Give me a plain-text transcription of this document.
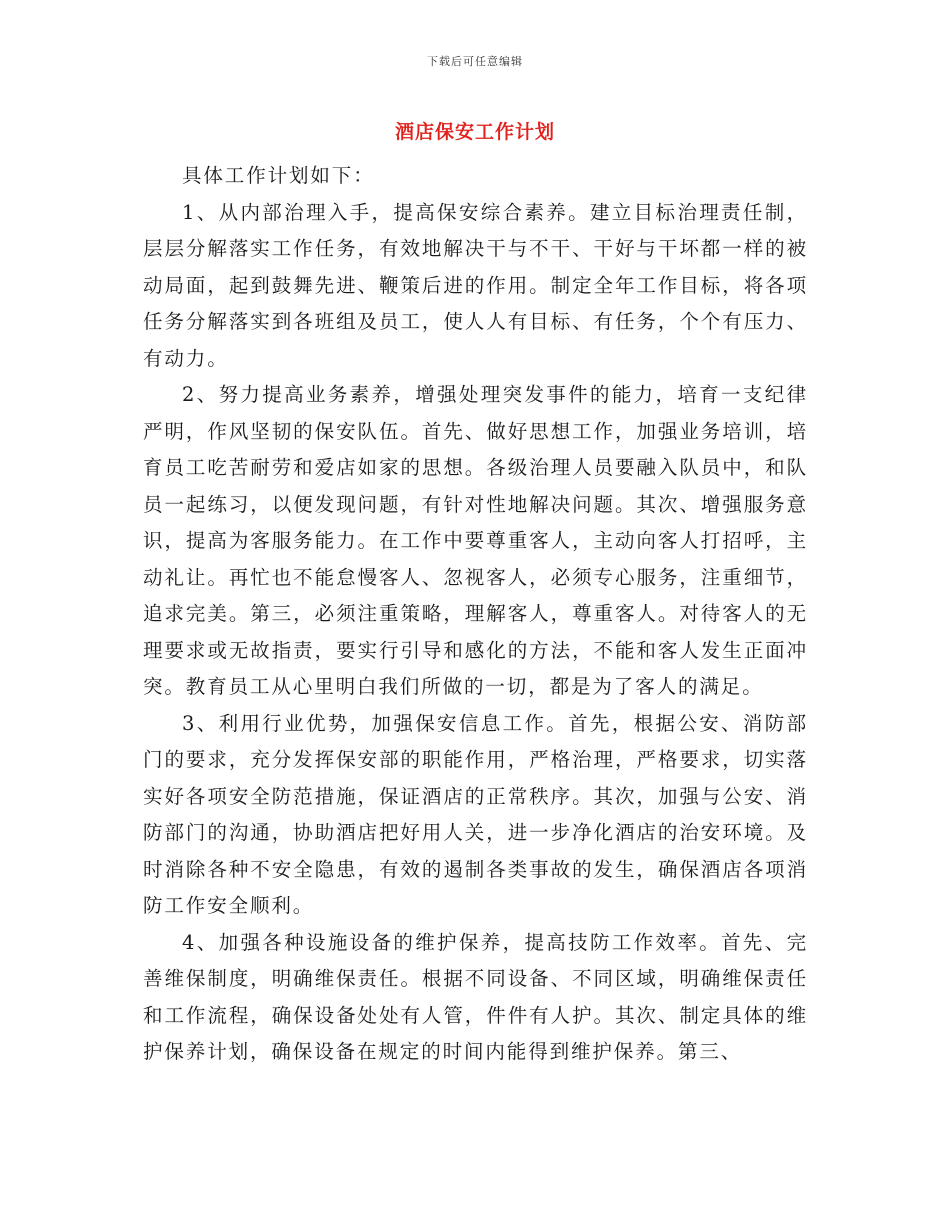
下载后可任意编辑
酒店保安工作计划

具体工作计划如下：

1、从内部治理入手，提高保安综合素养。建立目标治理责任制，层层分解落实工作任务，有效地解决干与不干、干好与干坏都一样的被动局面，起到鼓舞先进、鞭策后进的作用。制定全年工作目标，将各项任务分解落实到各班组及员工，使人人有目标、有任务，个个有压力、有动力。

2、努力提高业务素养，增强处理突发事件的能力，培育一支纪律严明，作风坚韧的保安队伍。首先、做好思想工作，加强业务培训，培育员工吃苦耐劳和爱店如家的思想。各级治理人员要融入队员中，和队员一起练习，以便发现问题，有针对性地解决问题。其次、增强服务意识，提高为客服务能力。在工作中要尊重客人，主动向客人打招呼，主动礼让。再忙也不能怠慢客人、忽视客人，必须专心服务，注重细节，追求完美。第三，必须注重策略，理解客人，尊重客人。对待客人的无理要求或无故指责，要实行引导和感化的方法，不能和客人发生正面冲突。教育员工从心里明白我们所做的一切，都是为了客人的满足。

3、利用行业优势，加强保安信息工作。首先，根据公安、消防部门的要求，充分发挥保安部的职能作用，严格治理，严格要求，切实落实好各项安全防范措施，保证酒店的正常秩序。其次，加强与公安、消防部门的沟通，协助酒店把好用人关，进一步净化酒店的治安环境。及时消除各种不安全隐患，有效的遏制各类事故的发生，确保酒店各项消防工作安全顺利。

4、加强各种设施设备的维护保养，提高技防工作效率。首先、完善维保制度，明确维保责任。根据不同设备、不同区域，明确维保责任和工作流程，确保设备处处有人管，件件有人护。其次、制定具体的维护保养计划，确保设备在规定的时间内能得到维护保养。第三、
